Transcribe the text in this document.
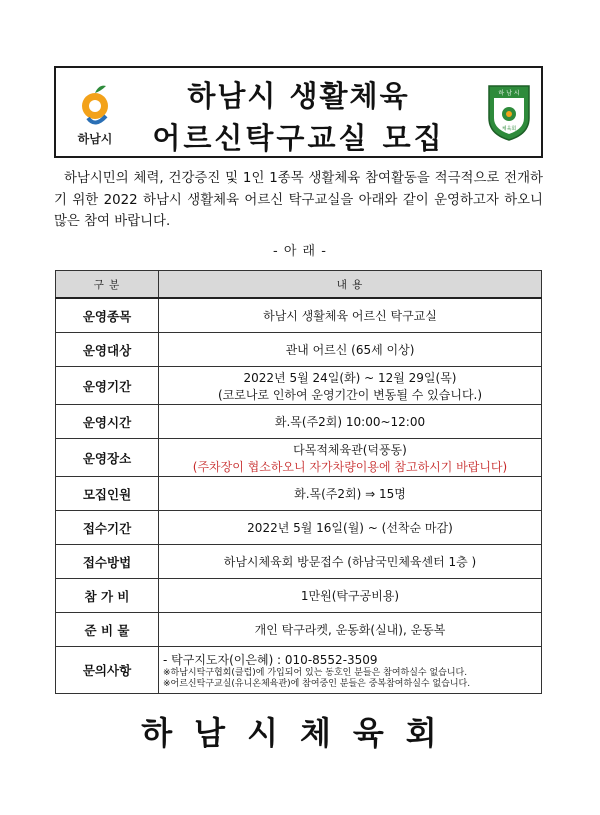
하남시
하남시 생활체육
어르신탁구교실 모집
하 남 시
체육회

하남시민의 체력, 건강증진 및 1인 1종목 생활체육 참여활동을 적극적으로 전개하기 위한 2022 하남시 생활체육 어르신 탁구교실을 아래와 같이 운영하고자 하오니 많은 참여 바랍니다.

- 아 래 -
구 분	내 용
운영종목	하남시 생활체육 어르신 탁구교실
운영대상	관내 어르신 (65세 이상)
운영기간	2022년 5월 24일(화) ~ 12월 29일(목)
(코로나로 인하여 운영기간이 변동될 수 있습니다.)

운영시간	화.목(주2회) 10:00~12:00
운영장소	다목적체육관(덕풍동)
(주차장이 협소하오니 자가차량이용에 참고하시기 바랍니다)

모집인원	화.목(주2회) ⇒ 15명
접수기간	2022년 5월 16일(월) ~ (선착순 마감)
접수방법	하남시체육회 방문접수 (하남국민체육센터 1층 )
참 가 비	1만원(탁구공비용)
준 비 물	개인 탁구라켓, 운동화(실내), 운동복
문의사항	- 탁구지도자(이은혜) : 010-8552-3509
※하남시탁구협회(클럽)에 가입되어 있는 동호인 분들은 참여하실수 없습니다.
※어르신탁구교실(유니온체육관)에 참여중인 분들은 중복참여하실수 없습니다.
하남시체육회
